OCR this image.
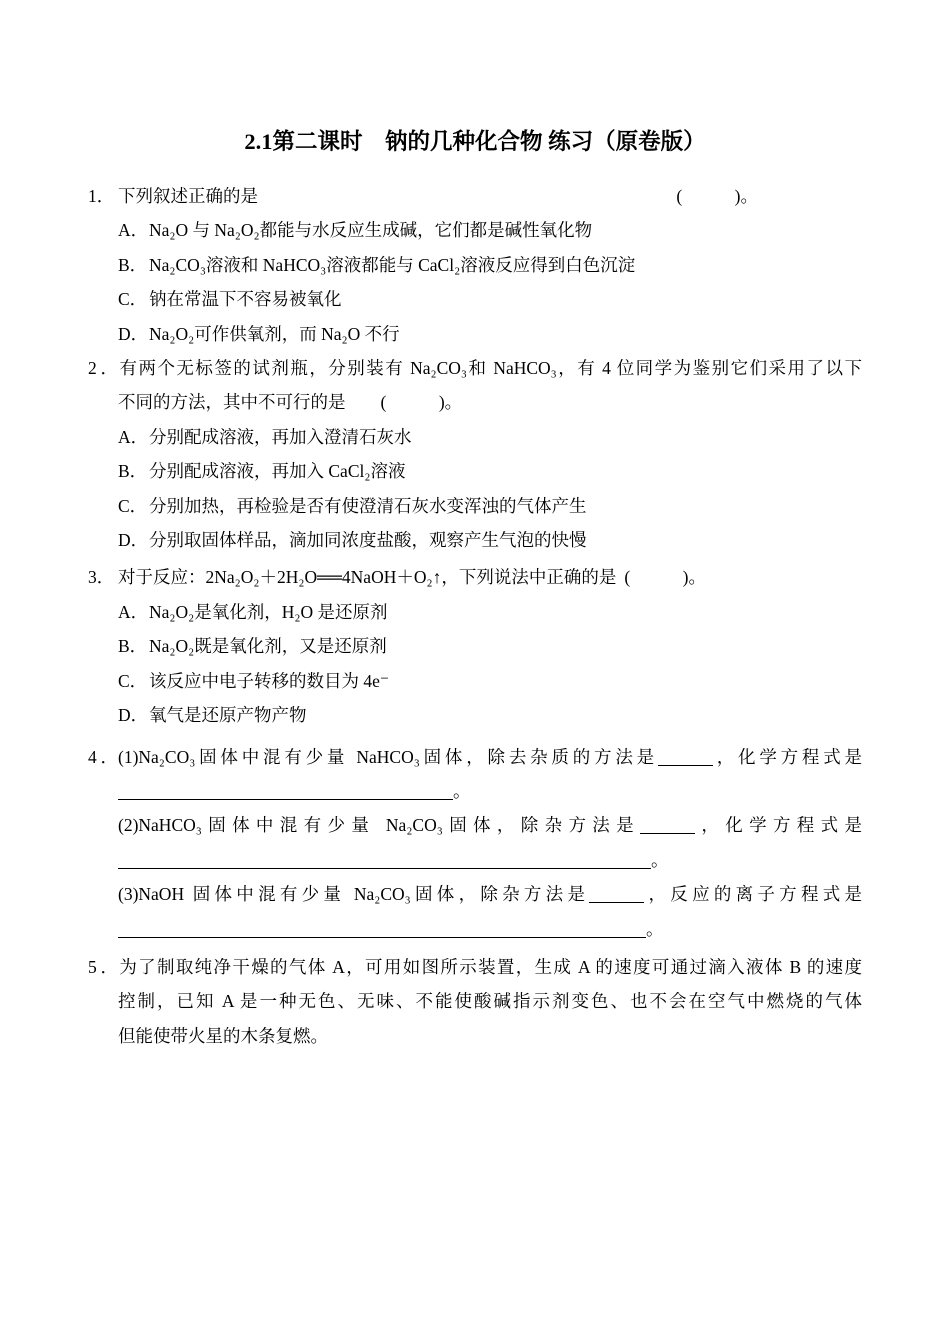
2.1第二课时　钠的几种化合物 练习（原卷版）
1． 下列叙述正确的是	(　　　)。
A．Na₂O 与 Na₂O₂都能与水反应生成碱，它们都是碱性氧化物
B． Na₂CO₃溶液和 NaHCO₃溶液都能与 CaCl₂溶液反应得到白色沉淀
C． 钠在常温下不容易被氧化
D．Na₂O₂可作供氧剂，而 Na₂O 不行
2．有两个无标签的试剂瓶，分别装有 Na₂CO₃和 NaHCO₃，有 4 位同学为鉴别它们采用了以下
不同的方法，其中不可行的是 (　　　)。
A．分别配成溶液，再加入澄清石灰水
B． 分别配成溶液，再加入 CaCl₂溶液
C． 分别加热，再检验是否有使澄清石灰水变浑浊的气体产生
D．分别取固体样品，滴加同浓度盐酸，观察产生气泡的快慢
3． 对于反应：2Na₂O₂＋2H₂O══4NaOH＋O₂↑，下列说法中正确的是 (　　　)。
A．Na₂O₂是氧化剂，H₂O 是还原剂
B． Na₂O₂既是氧化剂，又是还原剂
C． 该反应中电子转移的数目为 4e⁻
D．氧气是还原产物产物
4．(1)Na₂CO₃固体中混有少量 NaHCO₃固体，除去杂质的方法是	，化学方程式是
。
(2)NaHCO₃固体中混有少量 Na₂CO₃固体，除杂方法是	，化学方程式是
。
(3)NaOH 固体中混有少量 Na₂CO₃固体，除杂方法是	，反应的离子方程式是
。
5．为了制取纯净干燥的气体 A，可用如图所示装置，生成 A 的速度可通过滴入液体 B 的速度
控制，已知 A 是一种无色、无味、不能使酸碱指示剂变色、也不会在空气中燃烧的气体
但能使带火星的木条复燃。
